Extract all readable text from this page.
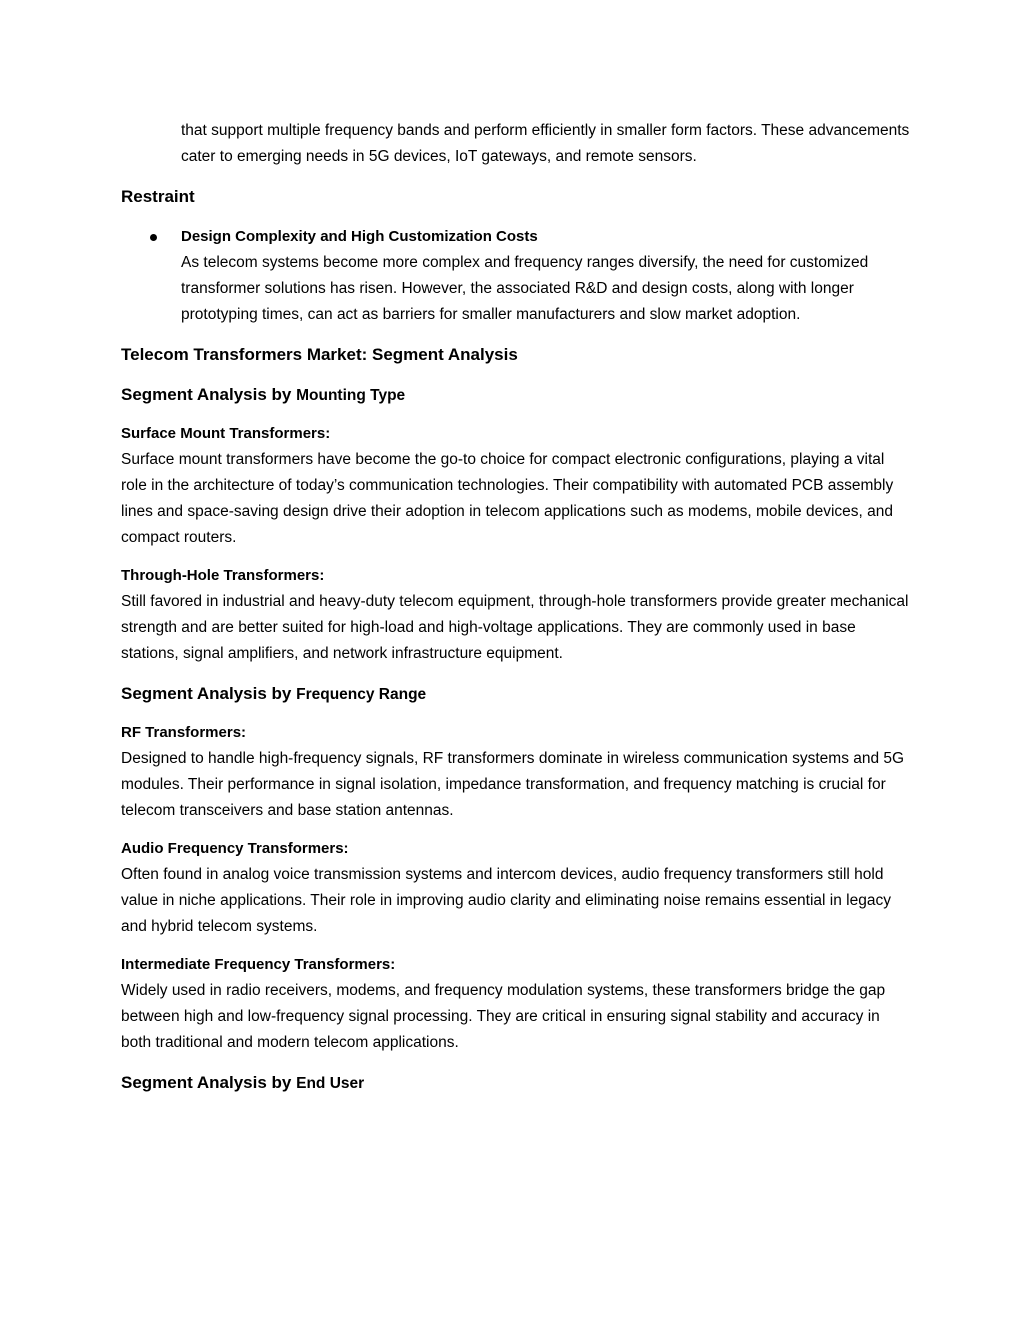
that support multiple frequency bands and perform efficiently in smaller form factors. These advancements cater to emerging needs in 5G devices, IoT gateways, and remote sensors.

Restraint

Design Complexity and High Customization Costs

As telecom systems become more complex and frequency ranges diversify, the need for customized transformer solutions has risen. However, the associated R&D and design costs, along with longer prototyping times, can act as barriers for smaller manufacturers and slow market adoption.

Telecom Transformers Market: Segment Analysis
Segment Analysis by Mounting Type

Surface Mount Transformers:

Surface mount transformers have become the go-to choice for compact electronic configurations, playing a vital role in the architecture of today’s communication technologies. Their compatibility with automated PCB assembly lines and space-saving design drive their adoption in telecom applications such as modems, mobile devices, and compact routers.

Through-Hole Transformers:

Still favored in industrial and heavy-duty telecom equipment, through-hole transformers provide greater mechanical strength and are better suited for high-load and high-voltage applications. They are commonly used in base stations, signal amplifiers, and network infrastructure equipment.

Segment Analysis by Frequency Range

RF Transformers:

Designed to handle high-frequency signals, RF transformers dominate in wireless communication systems and 5G modules. Their performance in signal isolation, impedance transformation, and frequency matching is crucial for telecom transceivers and base station antennas.

Audio Frequency Transformers:

Often found in analog voice transmission systems and intercom devices, audio frequency transformers still hold value in niche applications. Their role in improving audio clarity and eliminating noise remains essential in legacy and hybrid telecom systems.

Intermediate Frequency Transformers:

Widely used in radio receivers, modems, and frequency modulation systems, these transformers bridge the gap between high and low-frequency signal processing. They are critical in ensuring signal stability and accuracy in both traditional and modern telecom applications.

Segment Analysis by End User
